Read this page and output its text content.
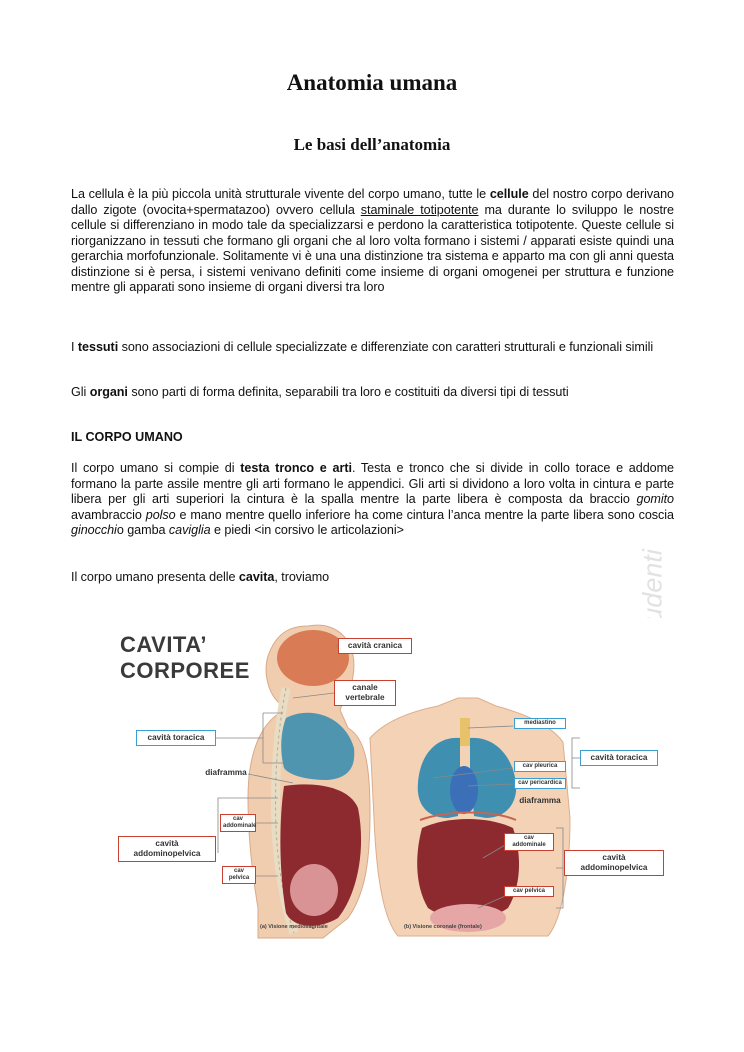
Anatomia umana
Le basi dell’anatomia

La cellula è la più piccola unità strutturale vivente del corpo umano, tutte le cellule del nostro corpo derivano dallo zigote (ovocita+spermatazoo) ovvero cellula staminale totipotente ma durante lo sviluppo le nostre cellule si differenziano in modo tale da specializzarsi e perdono la caratteristica totipotente. Queste cellule si riorganizzano in tessuti che formano gli organi che al loro volta formano i sistemi / apparati esiste quindi una gerarchia morfofunzionale. Solitamente vi è una una distinzione tra sistema e apparto ma con gli anni questa distinzione si è persa, i sistemi venivano definiti come insieme di organi omogenei per struttura e funzione mentre gli apparati sono insieme di organi diversi tra loro

I tessuti sono associazioni di cellule specializzate e differenziate con caratteri strutturali e funzionali simili

Gli organi sono parti di forma definita, separabili tra loro e costituiti da diversi tipi di tessuti

IL CORPO UMANO

Il corpo umano si compie di testa tronco e arti. Testa e tronco che si divide in collo torace e addome formano la parte assile mentre gli arti formano le appendici. Gli arti si dividono a loro volta in cintura e parte libera per gli arti superiori la cintura è la spalla mentre la parte libera è composta da braccio gomito avambraccio polso e mano mentre quello inferiore ha come cintura l’anca mentre la parte libera sono coscia ginocchio gamba caviglia e piedi <in corsivo le articolazioni>

Il corpo umano presenta delle cavita, troviamo

CAVITA’

CORPOREE

cavità cranica
canale vertebrale
cavità toracica
diaframma
cav addominale
cavità addominopelvica
cav pelvica
mediastino
cav pleurica
cav pericardica
cavità toracica
diaframma
cav addominale
cavità addominopelvica
cav pelvica
(a) Visione mediosagittale	(b) Visione coronale (frontale)
